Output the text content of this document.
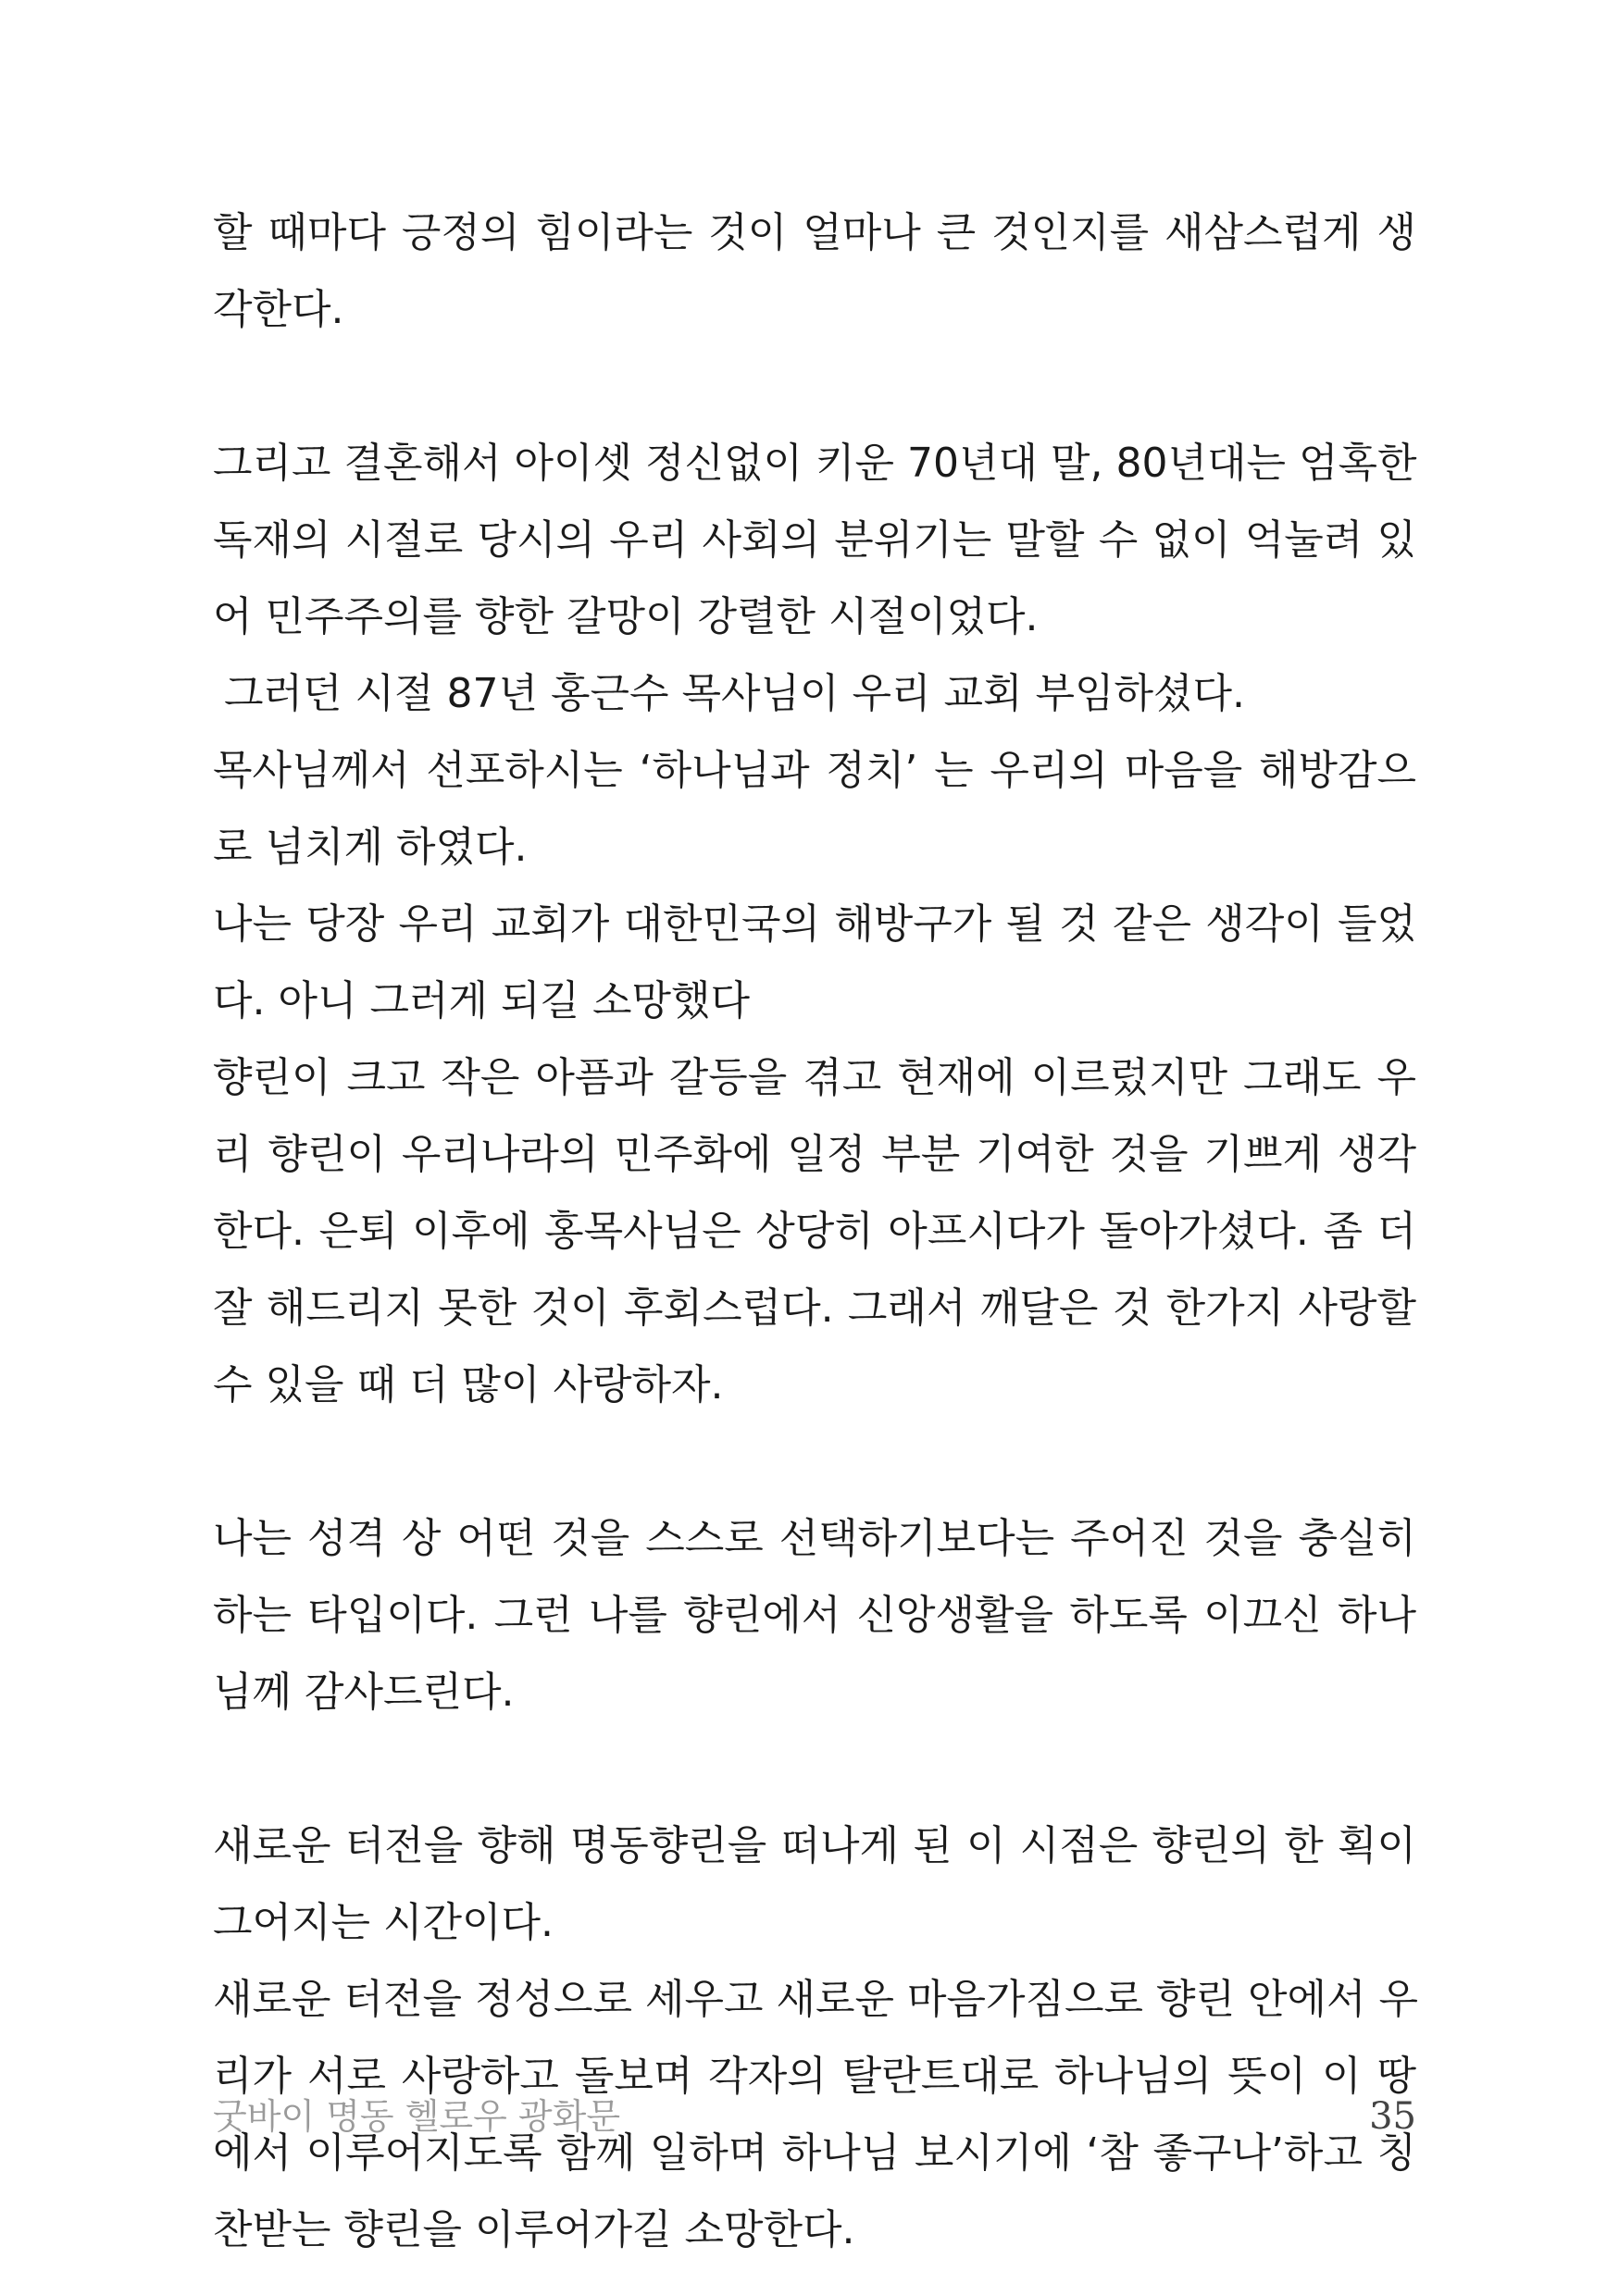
할 때마다 긍정의 힘이라는 것이 얼마나 큰 것인지를 새삼스럽게 생
각한다.
그리고 결혼해서 아이셋 정신없이 키운 70년대 말, 80년대는 엄혹한
독재의 시절로 당시의 우리 사회의 분위기는 말할 수 없이 억눌려 있
어 민주주의를 향한 갈망이 강렬한 시절이었다.
그러던 시절 87년 홍근수 목사님이 우리 교회 부임하셨다.
목사님께서 선포하시는 ‘하나님과 정치’ 는 우리의 마음을 해방감으
로 넘치게 하였다.
나는 당장 우리 교회가 대한민국의 해방구가 될 것 같은 생각이 들었
다. 아니 그러게 되길 소망했다
향린이 크고 작은 아픔과 갈등을 겪고 현재에 이르렀지만 그래도 우
리 향린이 우리나라의 민주화에 일정 부분 기여한 것을 기쁘게 생각
한다. 은퇴 이후에 홍목사님은 상당히 아프시다가 돌아가셨다. 좀 더
잘 해드리지 못한 것이 후회스럽다. 그래서 깨달은 것 한가지 사랑할
수 있을 때 더 많이 사랑하자.
나는 성격 상 어떤 것을 스스로 선택하기보다는 주어진 것을 충실히
하는 타입이다. 그런 나를 향린에서 신앙생활을 하도록 이끄신 하나
님께 감사드린다.
새로운 터전을 향해 명동향린을 떠나게 된 이 시점은 향린의 한 획이
그어지는 시간이다.
새로운 터전을 정성으로 세우고 새로운 마음가짐으로 향린 안에서 우
리가 서로 사랑하고 돌보며 각자의 탈란트대로 하나님의 뜻이 이 땅
에서 이루어지도록 함께 일하며 하나님 보시기에 ‘참 좋구나’하고 칭
찬받는 향린을 이루어가길 소망한다.
굿바이 명동 헬로우 광화문	35
